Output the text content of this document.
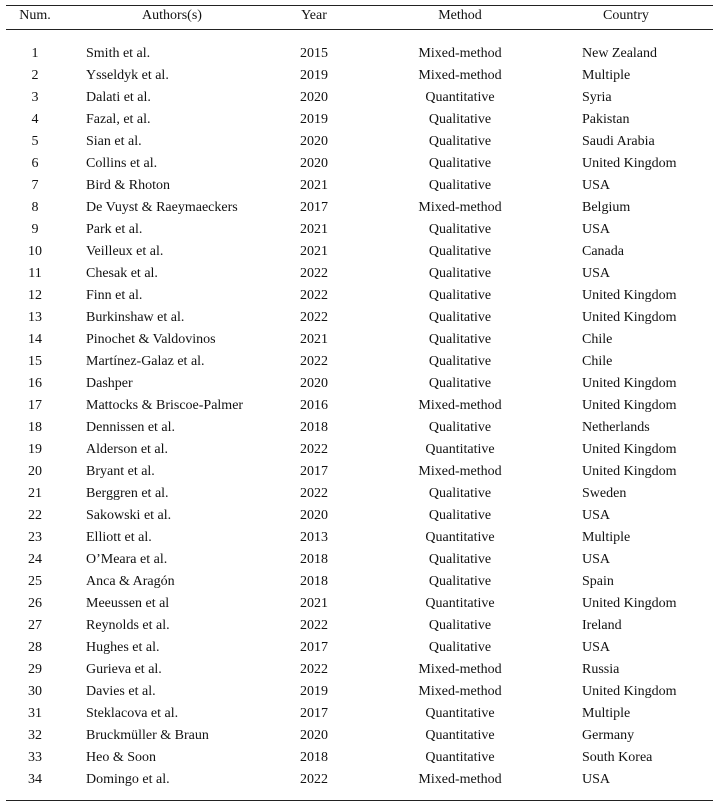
Num.	Authors(s)	Year	Method	Country
1	Smith et al.	2015	Mixed-method	New Zealand
2	Ysseldyk et al.	2019	Mixed-method	Multiple
3	Dalati et al.	2020	Quantitative	Syria
4	Fazal, et al.	2019	Qualitative	Pakistan
5	Sian et al.	2020	Qualitative	Saudi Arabia
6	Collins et al.	2020	Qualitative	United Kingdom
7	Bird & Rhoton	2021	Qualitative	USA
8	De Vuyst & Raeymaeckers	2017	Mixed-method	Belgium
9	Park et al.	2021	Qualitative	USA
10	Veilleux et al.	2021	Qualitative	Canada
11	Chesak et al.	2022	Qualitative	USA
12	Finn et al.	2022	Qualitative	United Kingdom
13	Burkinshaw et al.	2022	Qualitative	United Kingdom
14	Pinochet & Valdovinos	2021	Qualitative	Chile
15	Martínez-Galaz et al.	2022	Qualitative	Chile
16	Dashper	2020	Qualitative	United Kingdom
17	Mattocks & Briscoe-Palmer	2016	Mixed-method	United Kingdom
18	Dennissen et al.	2018	Qualitative	Netherlands
19	Alderson et al.	2022	Quantitative	United Kingdom
20	Bryant et al.	2017	Mixed-method	United Kingdom
21	Berggren et al.	2022	Qualitative	Sweden
22	Sakowski et al.	2020	Qualitative	USA
23	Elliott et al.	2013	Quantitative	Multiple
24	O’Meara et al.	2018	Qualitative	USA
25	Anca & Aragón	2018	Qualitative	Spain
26	Meeussen et al	2021	Quantitative	United Kingdom
27	Reynolds et al.	2022	Qualitative	Ireland
28	Hughes et al.	2017	Qualitative	USA
29	Gurieva et al.	2022	Mixed-method	Russia
30	Davies et al.	2019	Mixed-method	United Kingdom
31	Steklacova et al.	2017	Quantitative	Multiple
32	Bruckmüller & Braun	2020	Quantitative	Germany
33	Heo & Soon	2018	Quantitative	South Korea
34	Domingo et al.	2022	Mixed-method	USA
